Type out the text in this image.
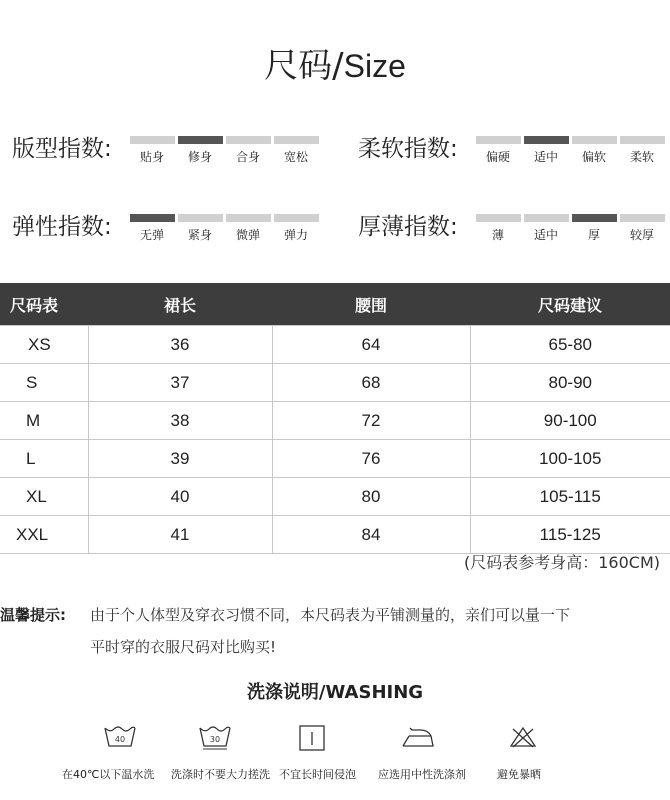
尺码/Size
版型指数:	贴身	修身	合身	宽松	柔软指数:	偏硬	适中	偏软	柔软
弹性指数:	无弹	紧身	微弹	弹力	厚薄指数:	薄	适中	厚	较厚
尺码表	裙长	腰围	尺码建议
XS	36	64	65-80
S	37	68	80-90
M	38	72	90-100
L	39	76	100-105
XL	40	80	105-115
XXL	41	84	115-125
(尺码表参考身高：160CM)
温馨提示: 由于个人体型及穿衣习惯不同，本尺码表为平铺测量的，亲们可以量一下
平时穿的衣服尺码对比购买!
洗涤说明/WASHING
40	30
在40℃以下温水洗 洗涤时不要大力搓洗 不宜长时间侵泡 应选用中性洗涤剂	避免暴晒
